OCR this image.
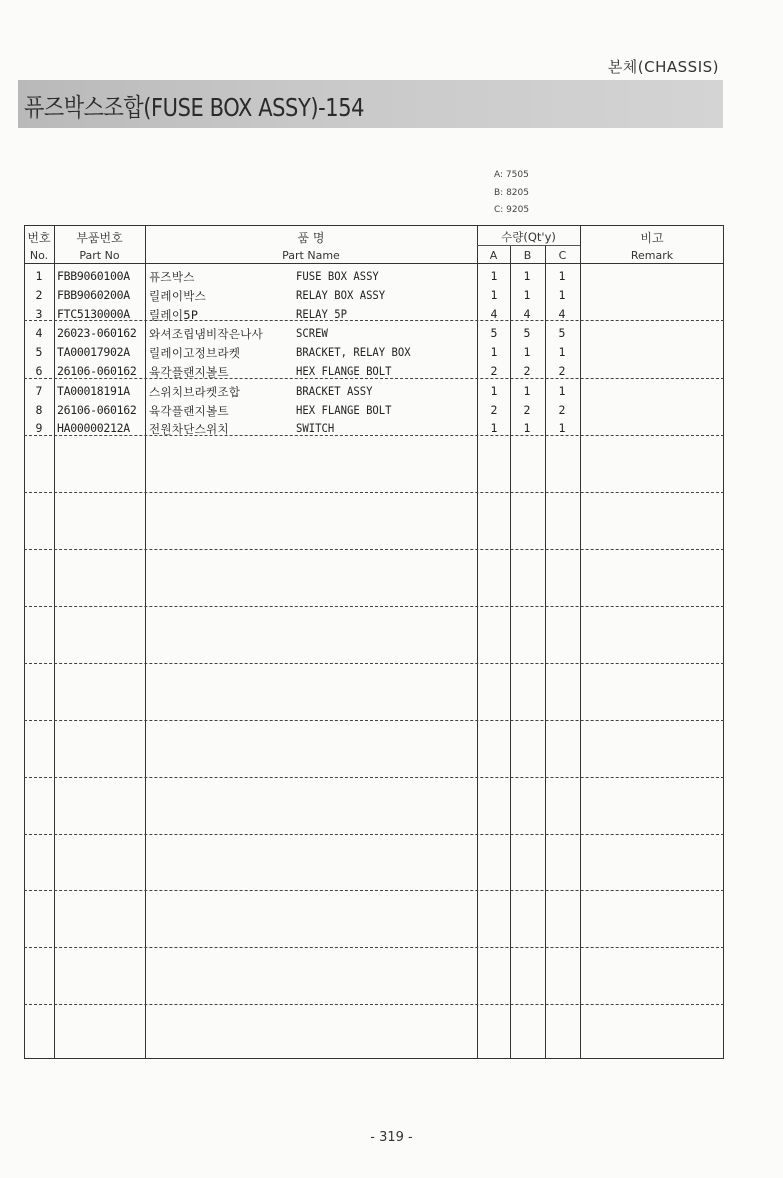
본체(CHASSIS)
퓨즈박스조합(FUSE BOX ASSY)-154
A: 7505
B: 8205
C: 9205
번호
No.
부품번호
Part No
품 명
Part Name
수량(Qt'y)
A	B	C
비고
Remark
1	FBB9060100A 퓨즈박스	FUSE BOX ASSY	1	1	1
2	FBB9060200A 릴레이박스	RELAY BOX ASSY	1	1	1
3	FTC5130000A 릴레이5P	RELAY 5P	4	4	4
4	26023-060162 와셔조립냄비작은나사	SCREW	5	5	5
5	TA00017902A 릴레이고정브라켓	BRACKET, RELAY BOX	1	1	1
6	26106-060162 육각플랜지볼트	HEX FLANGE BOLT	2	2	2
7	TA00018191A 스위치브라켓조합	BRACKET ASSY	1	1	1
8	26106-060162 육각플랜지볼트	HEX FLANGE BOLT	2	2	2
9	HA00000212A 전원차단스위치	SWITCH	1	1	1
- 319 -
